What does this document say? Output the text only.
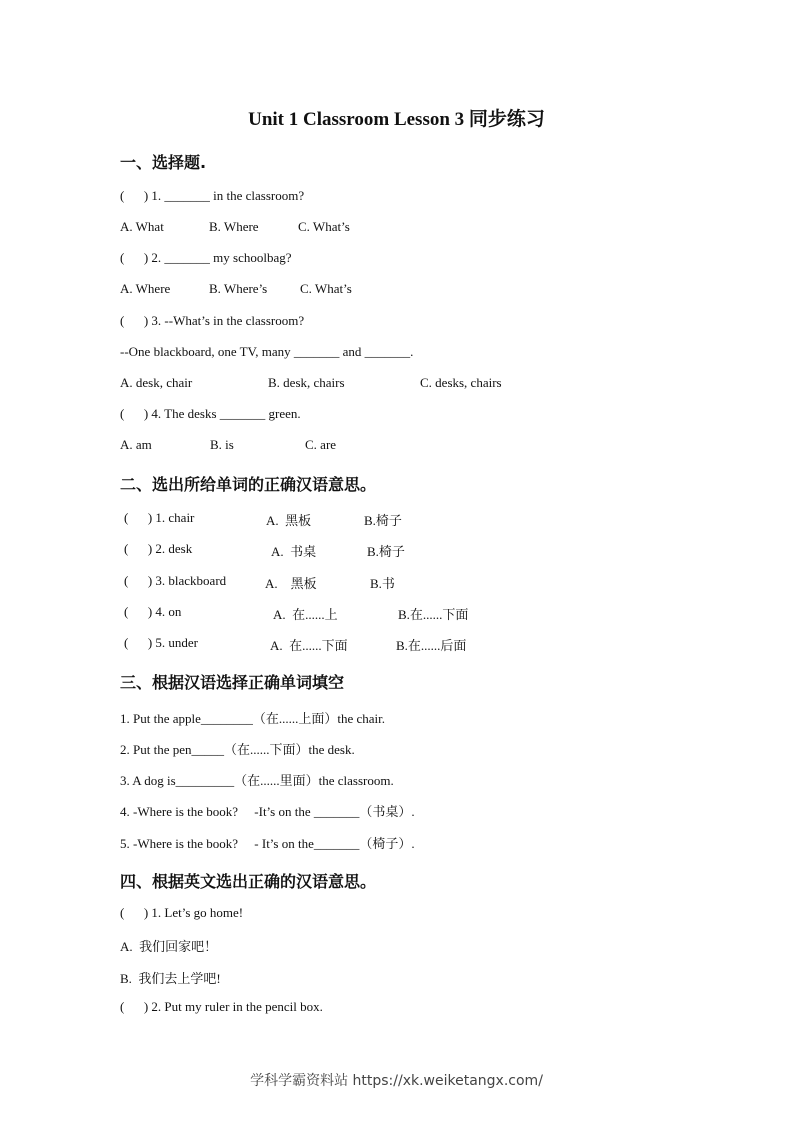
Unit 1 Classroom Lesson 3 同步练习
一、选择题.
(      ) 1. _______ in the classroom?
A. What	B. Where	C. What’s
(      ) 2. _______ my schoolbag?
A. Where	B. Where’s	C. What’s
(      ) 3. --What’s in the classroom?
--One blackboard, one TV, many _______ and _______.
A. desk, chair	B. desk, chairs	C. desks, chairs
(      ) 4. The desks _______ green.
A. am	B. is	C. are
二、选出所给单词的正确汉语意思。
(      ) 1. chair	A.  黑板	B.椅子
(      ) 2. desk	A.  书桌	B.椅子
(      ) 3. blackboard	A.    黑板	B.书
(      ) 4. on	A.  在......上	B.在......下面
(      ) 5. under	A.  在......下面	B.在......后面
三、根据汉语选择正确单词填空
1. Put the apple________（在......上面）the chair.
2. Put the pen_____（在......下面）the desk.
3. A dog is_________（在......里面）the classroom.
4. -Where is the book?     -It’s on the _______（书桌）.
5. -Where is the book?     - It’s on the_______（椅子）.
四、根据英文选出正确的汉语意思。
(      ) 1. Let’s go home!
A.  我们回家吧！
B.  我们去上学吧!
(      ) 2. Put my ruler in the pencil box.
学科学霸资料站 https://xk.weiketangx.com/
